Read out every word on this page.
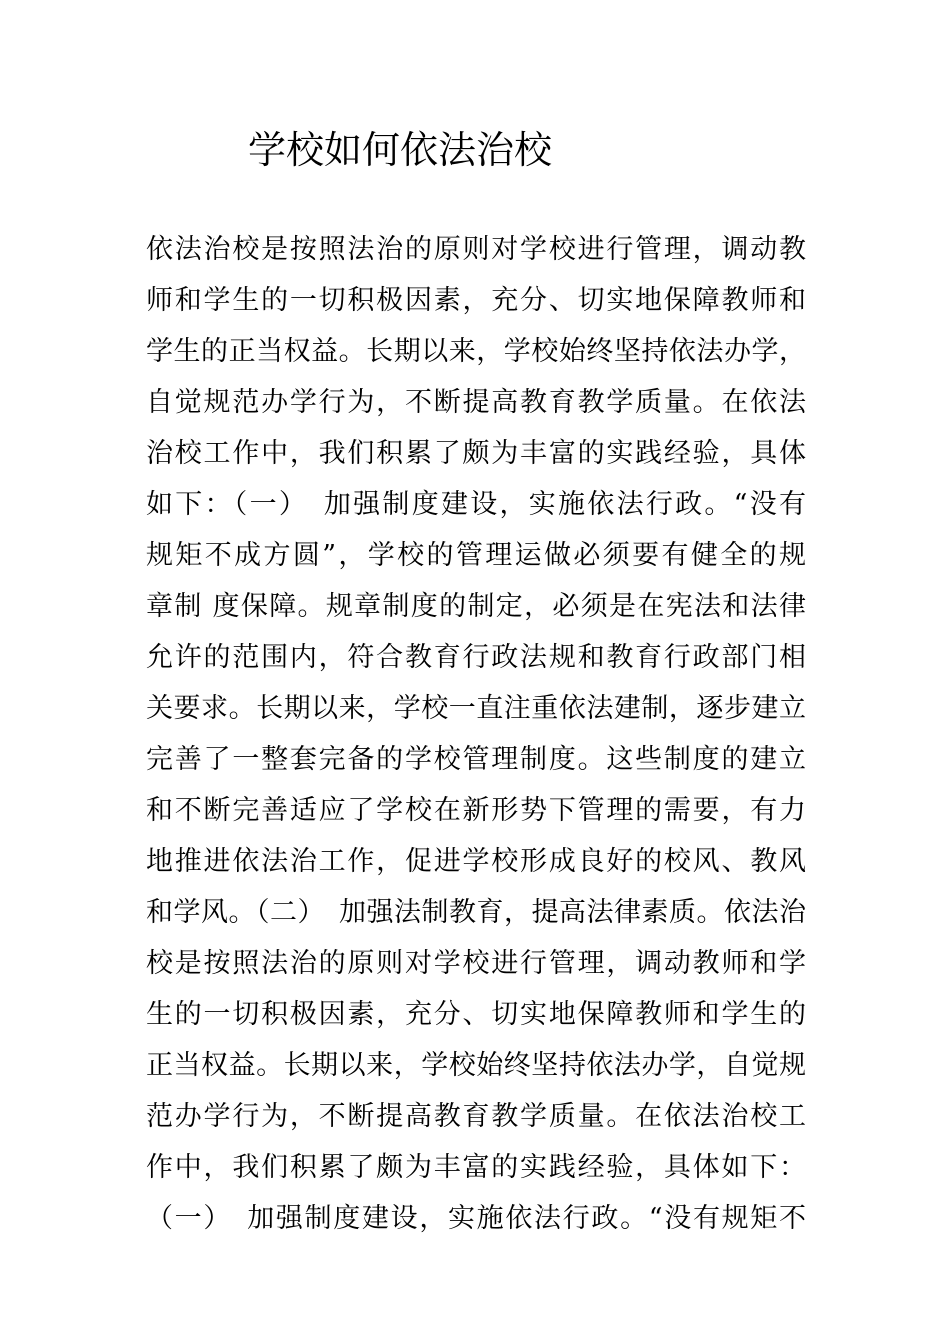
学校如何依法治校
依法治校是按照法治的原则对学校进行管理，调动教
师和学生的一切积极因素，充分、切实地保障教师和
学生的正当权益。长期以来，学校始终坚持依法办学，
自觉规范办学行为，不断提高教育教学质量。在依法
治校工作中，我们积累了颇为丰富的实践经验，具体
如下：（一）　加强制度建设，实施依法行政。“没有
规矩不成方圆”，学校的管理运做必须要有健全的规
章制 度保障。规章制度的制定，必须是在宪法和法律
允许的范围内，符合教育行政法规和教育行政部门相
关要求。长期以来，学校一直注重依法建制，逐步建立
完善了一整套完备的学校管理制度。这些制度的建立
和不断完善适应了学校在新形势下管理的需要，有力
地推进依法治工作，促进学校形成良好的校风、教风
和学风。（二）　加强法制教育，提高法律素质。依法治
校是按照法治的原则对学校进行管理，调动教师和学
生的一切积极因素，充分、切实地保障教师和学生的
正当权益。长期以来，学校始终坚持依法办学，自觉规
范办学行为，不断提高教育教学质量。在依法治校工
作中，我们积累了颇为丰富的实践经验，具体如下：
（一）　加强制度建设，实施依法行政。“没有规矩不
